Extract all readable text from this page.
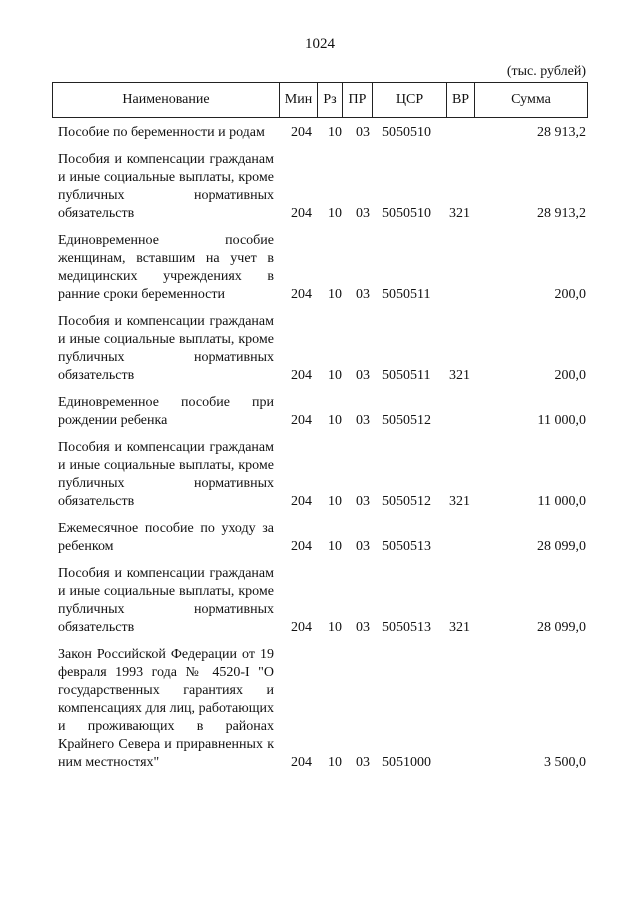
1024
(тыс. рублей)
Наименование	Мин Рз ПР	ЦСР	ВР	Сумма
Пособие по беременности и родам	204 10 03 5050510	28 913,2
Пособия и компенсации гражданам и иные социальные выплаты, кроме публичных нормативных обязательств	204 10 03 5050510 321	28 913,2
Единовременное пособие женщинам, вставшим на учет в медицинских учреждениях в ранние сроки беременности	204 10 03 5050511	200,0
Пособия и компенсации гражданам и иные социальные выплаты, кроме публичных нормативных обязательств	204 10 03 5050511 321	200,0
Единовременное пособие при рождении ребенка	204 10 03 5050512	11 000,0
Пособия и компенсации гражданам и иные социальные выплаты, кроме публичных нормативных обязательств	204 10 03 5050512 321	11 000,0
Ежемесячное пособие по уходу за ребенком	204 10 03 5050513	28 099,0
Пособия и компенсации гражданам и иные социальные выплаты, кроме публичных нормативных обязательств	204 10 03 5050513 321	28 099,0
Закон Российской Федерации от 19 февраля 1993 года № 4520-I "О государственных гарантиях и компенсациях для лиц, работающих и проживающих в районах Крайнего Севера и приравненных к ним местностях"	204 10 03 5051000	3 500,0
